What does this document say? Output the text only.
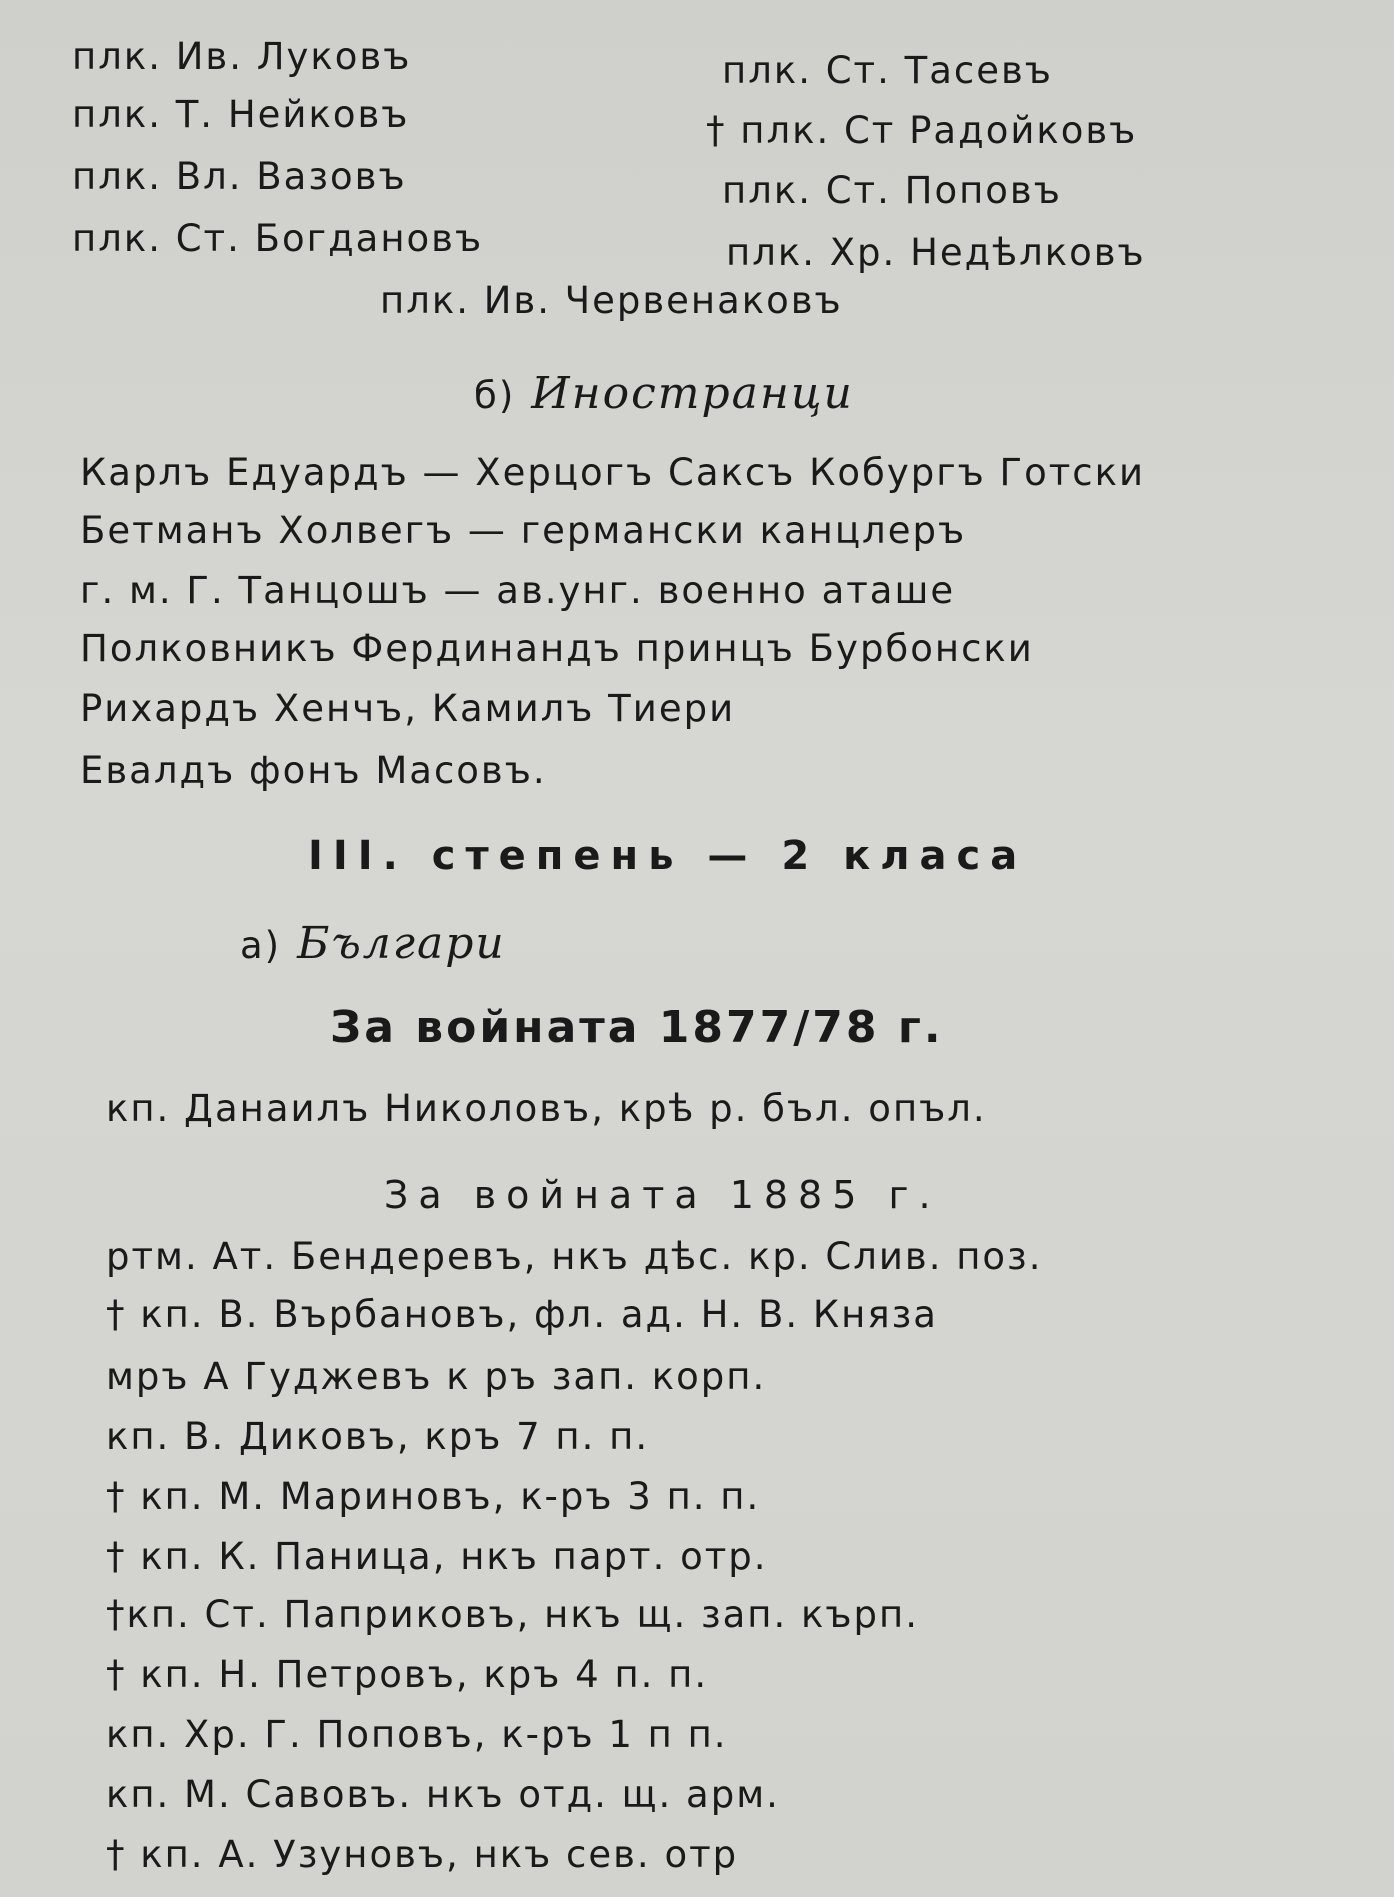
плк. Ив. Луковъ
плк. Т. Нейковъ
плк. Вл. Вазовъ
плк. Ст. Богдановъ
плк. Ст. Тасевъ
† плк. Ст Радойковъ
плк. Ст. Поповъ
плк. Хр. Недѣлковъ
плк. Ив. Червенаковъ
б) Иностранци
Карлъ Едуардъ — Херцогъ Саксъ Кобургъ Готски
Бетманъ Холвегъ — германски канцлеръ
г. м. Г. Танцошъ — ав.унг. военно аташе
Полковникъ Фердинандъ принцъ Бурбонски
Рихардъ Хенчъ, Камилъ Тиери
Евалдъ фонъ Масовъ.
III. степень — 2 класа
а) Българи
За войната 1877/78 г.
кп. Данаилъ Николовъ, крѣ р. бъл. опъл.
За войната 1885 г.
ртм. Ат. Бендеревъ, нкъ дѣс. кр. Слив. поз.
† кп. В. Върбановъ, фл. ад. Н. В. Княза
мръ А Гуджевъ к ръ зап. корп.
кп. В. Диковъ, кръ 7 п. п.
† кп. М. Мариновъ, к-ръ 3 п. п.
† кп. К. Паница, нкъ парт. отр.
†кп. Ст. Паприковъ, нкъ щ. зап. кърп.
† кп. Н. Петровъ, кръ 4 п. п.
кп. Хр. Г. Поповъ, к-ръ 1 п п.
кп. М. Савовъ. нкъ отд. щ. арм.
† кп. А. Узуновъ, нкъ сев. отр
